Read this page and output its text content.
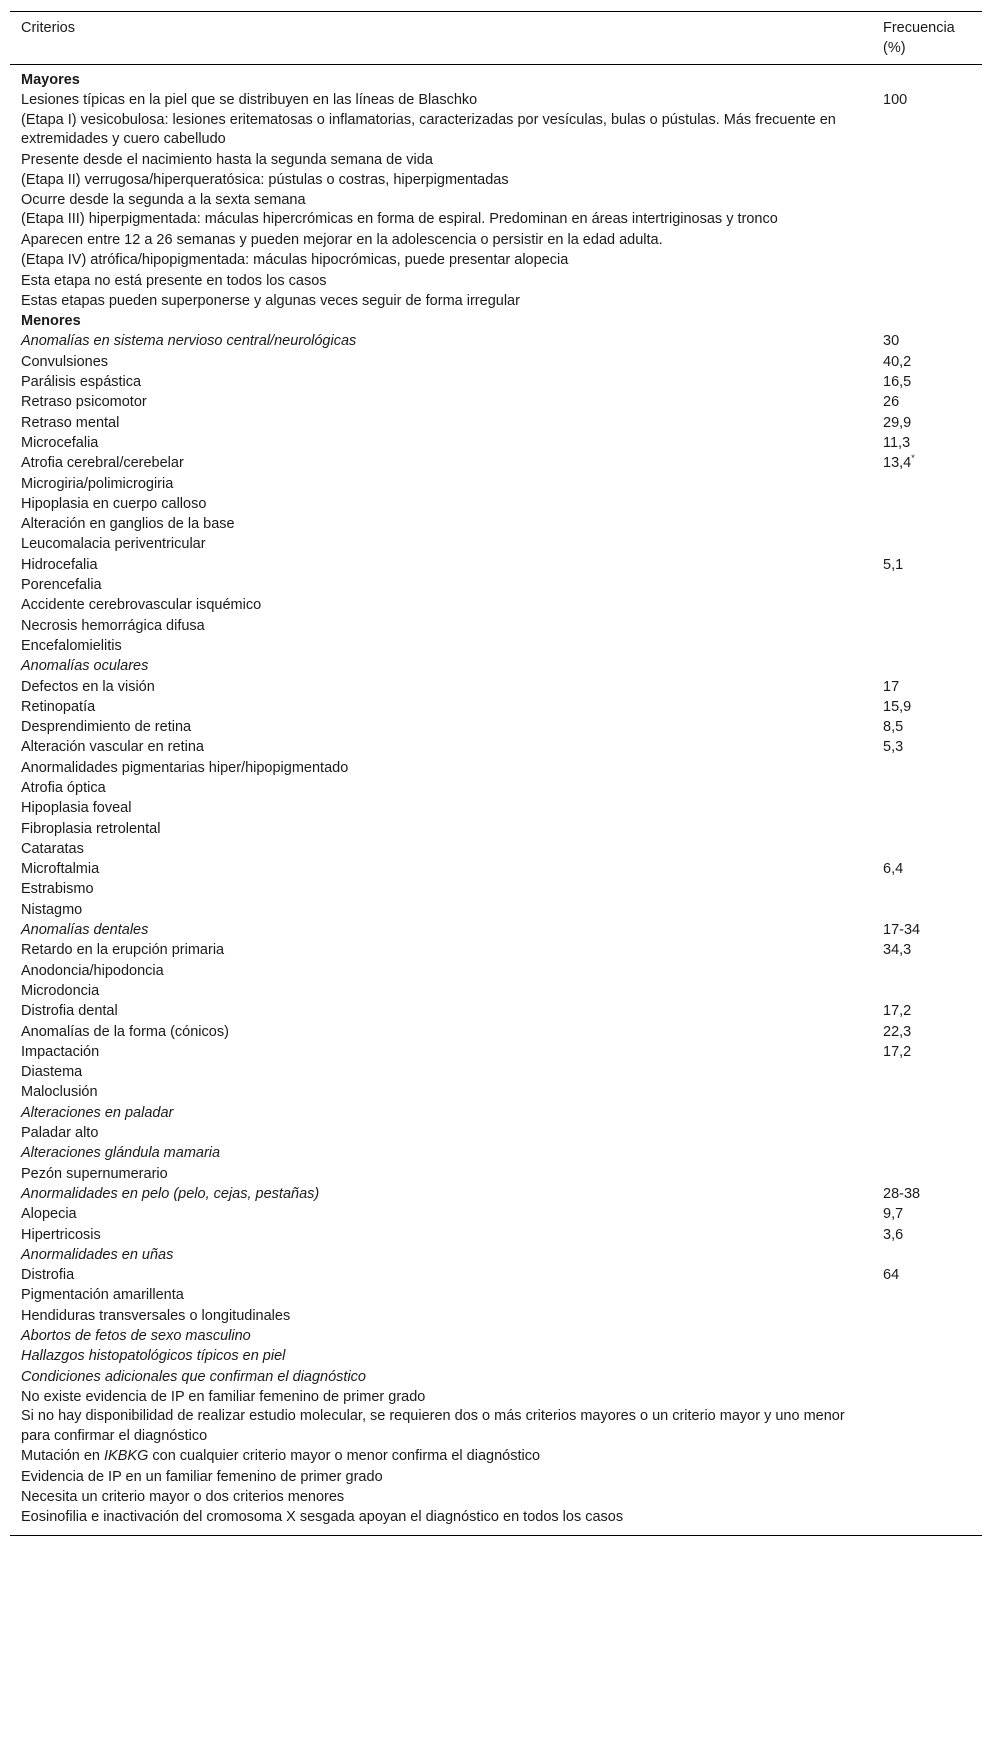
Criterios	Frecuencia
(%)
Mayores
Lesiones típicas en la piel que se distribuyen en las líneas de Blaschko	100
(Etapa I) vesicobulosa: lesiones eritematosas o inflamatorias, caracterizadas por vesículas, bulas o pústulas. Más frecuente en extremidades y cuero cabelludo
Presente desde el nacimiento hasta la segunda semana de vida
(Etapa II) verrugosa/hiperqueratósica: pústulas o costras, hiperpigmentadas
Ocurre desde la segunda a la sexta semana
(Etapa III) hiperpigmentada: máculas hipercrómicas en forma de espiral. Predominan en áreas intertriginosas y tronco
Aparecen entre 12 a 26 semanas y pueden mejorar en la adolescencia o persistir en la edad adulta.
(Etapa IV) atrófica/hipopigmentada: máculas hipocrómicas, puede presentar alopecia
Esta etapa no está presente en todos los casos
Estas etapas pueden superponerse y algunas veces seguir de forma irregular
Menores
Anomalías en sistema nervioso central/neurológicas	30
Convulsiones	40,2
Parálisis espástica	16,5
Retraso psicomotor	26
Retraso mental	29,9
Microcefalia	11,3
Atrofia cerebral/cerebelar	13,4*
Microgiria/polimicrogiria
Hipoplasia en cuerpo calloso
Alteración en ganglios de la base
Leucomalacia periventricular
Hidrocefalia	5,1
Porencefalia
Accidente cerebrovascular isquémico
Necrosis hemorrágica difusa
Encefalomielitis
Anomalías oculares
Defectos en la visión	17
Retinopatía	15,9
Desprendimiento de retina	8,5
Alteración vascular en retina	5,3
Anormalidades pigmentarias hiper/hipopigmentado
Atrofia óptica
Hipoplasia foveal
Fibroplasia retrolental
Cataratas
Microftalmia	6,4
Estrabismo
Nistagmo
Anomalías dentales	17-34
Retardo en la erupción primaria	34,3
Anodoncia/hipodoncia
Microdoncia
Distrofia dental	17,2
Anomalías de la forma (cónicos)	22,3
Impactación	17,2
Diastema
Maloclusión
Alteraciones en paladar
Paladar alto
Alteraciones glándula mamaria
Pezón supernumerario
Anormalidades en pelo (pelo, cejas, pestañas)	28-38
Alopecia	9,7
Hipertricosis	3,6
Anormalidades en uñas
Distrofia	64
Pigmentación amarillenta
Hendiduras transversales o longitudinales
Abortos de fetos de sexo masculino
Hallazgos histopatológicos típicos en piel
Condiciones adicionales que confirman el diagnóstico
No existe evidencia de IP en familiar femenino de primer grado
Si no hay disponibilidad de realizar estudio molecular, se requieren dos o más criterios mayores o un criterio mayor y uno menor para confirmar el diagnóstico
Mutación en IKBKG con cualquier criterio mayor o menor confirma el diagnóstico
Evidencia de IP en un familiar femenino de primer grado
Necesita un criterio mayor o dos criterios menores
Eosinofilia e inactivación del cromosoma X sesgada apoyan el diagnóstico en todos los casos
